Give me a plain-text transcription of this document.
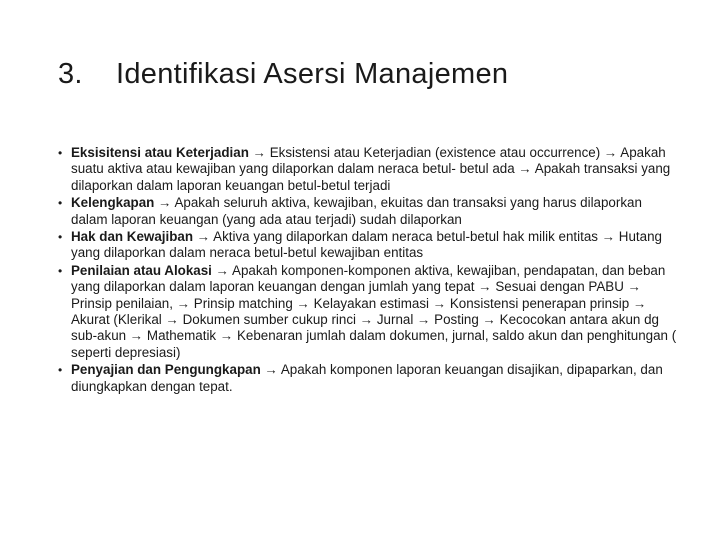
3. Identifikasi Asersi Manajemen
• Eksisitensi atau Keterjadian → Eksistensi atau Keterjadian (existence atau occurrence) → Apakah suatu aktiva atau kewajiban yang dilaporkan dalam neraca betul- betul ada → Apakah transaksi yang dilaporkan dalam laporan keuangan betul-betul terjadi
• Kelengkapan → Apakah seluruh aktiva, kewajiban, ekuitas dan transaksi yang harus dilaporkan dalam laporan keuangan (yang ada atau terjadi) sudah dilaporkan
• Hak dan Kewajiban → Aktiva yang dilaporkan dalam neraca betul-betul hak milik entitas → Hutang yang dilaporkan dalam neraca betul-betul kewajiban entitas
• Penilaian atau Alokasi → Apakah komponen-komponen aktiva, kewajiban, pendapatan, dan beban yang dilaporkan dalam laporan keuangan dengan jumlah yang tepat → Sesuai dengan PABU → Prinsip penilaian, → Prinsip matching → Kelayakan estimasi → Konsistensi penerapan prinsip → Akurat (Klerikal → Dokumen sumber cukup rinci → Jurnal → Posting → Kecocokan antara akun dg sub-akun → Mathematik → Kebenaran jumlah dalam dokumen, jurnal, saldo akun dan penghitungan ( seperti depresiasi)
• Penyajian dan Pengungkapan → Apakah komponen laporan keuangan disajikan, dipaparkan, dan diungkapkan dengan tepat.
